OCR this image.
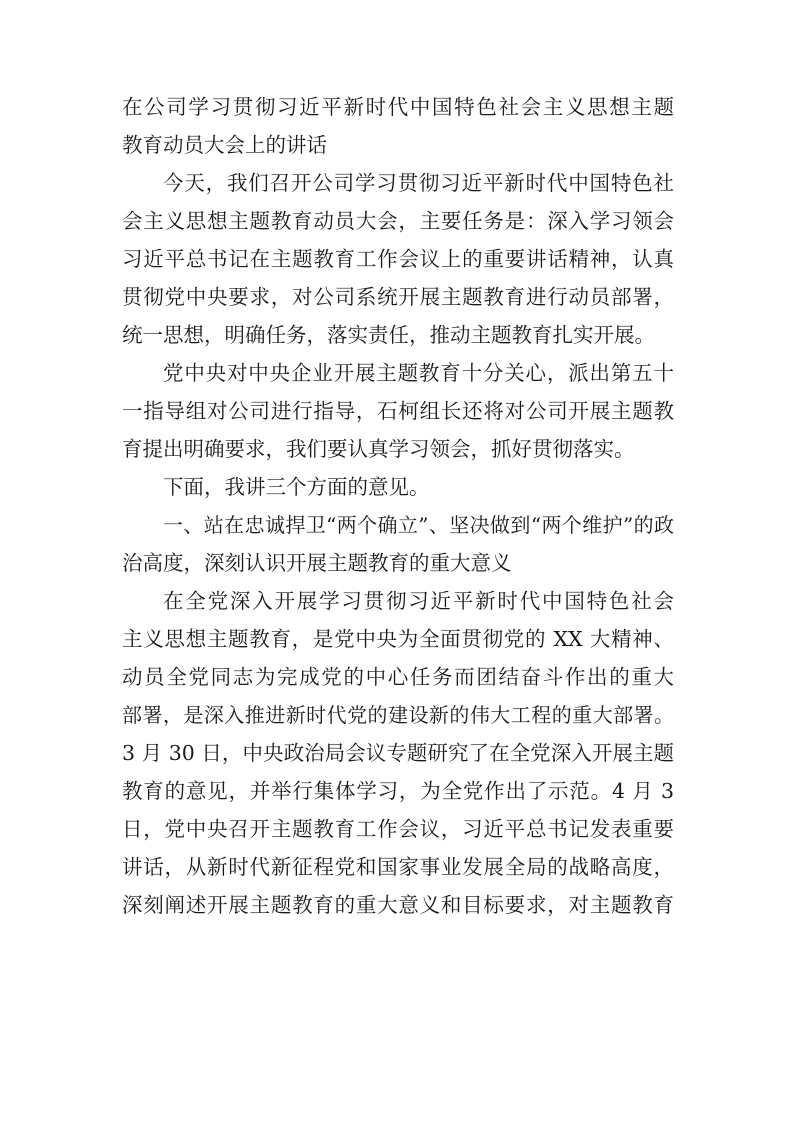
在公司学习贯彻习近平新时代中国特色社会主义思想主题
教育动员大会上的讲话
今天，我们召开公司学习贯彻习近平新时代中国特色社
会主义思想主题教育动员大会，主要任务是：深入学习领会
习近平总书记在主题教育工作会议上的重要讲话精神，认真
贯彻党中央要求，对公司系统开展主题教育进行动员部署，
统一思想，明确任务，落实责任，推动主题教育扎实开展。
党中央对中央企业开展主题教育十分关心，派出第五十
一指导组对公司进行指导，石柯组长还将对公司开展主题教
育提出明确要求，我们要认真学习领会，抓好贯彻落实。
下面，我讲三个方面的意见。
一、站在忠诚捍卫“两个确立”、坚决做到“两个维护”的政
治高度，深刻认识开展主题教育的重大意义
在全党深入开展学习贯彻习近平新时代中国特色社会
主义思想主题教育，是党中央为全面贯彻党的 XX 大精神、
动员全党同志为完成党的中心任务而团结奋斗作出的重大
部署，是深入推进新时代党的建设新的伟大工程的重大部署。
3 月 30 日，中央政治局会议专题研究了在全党深入开展主题
教育的意见，并举行集体学习，为全党作出了示范。4 月 3
日，党中央召开主题教育工作会议，习近平总书记发表重要
讲话，从新时代新征程党和国家事业发展全局的战略高度，
深刻阐述开展主题教育的重大意义和目标要求，对主题教育
